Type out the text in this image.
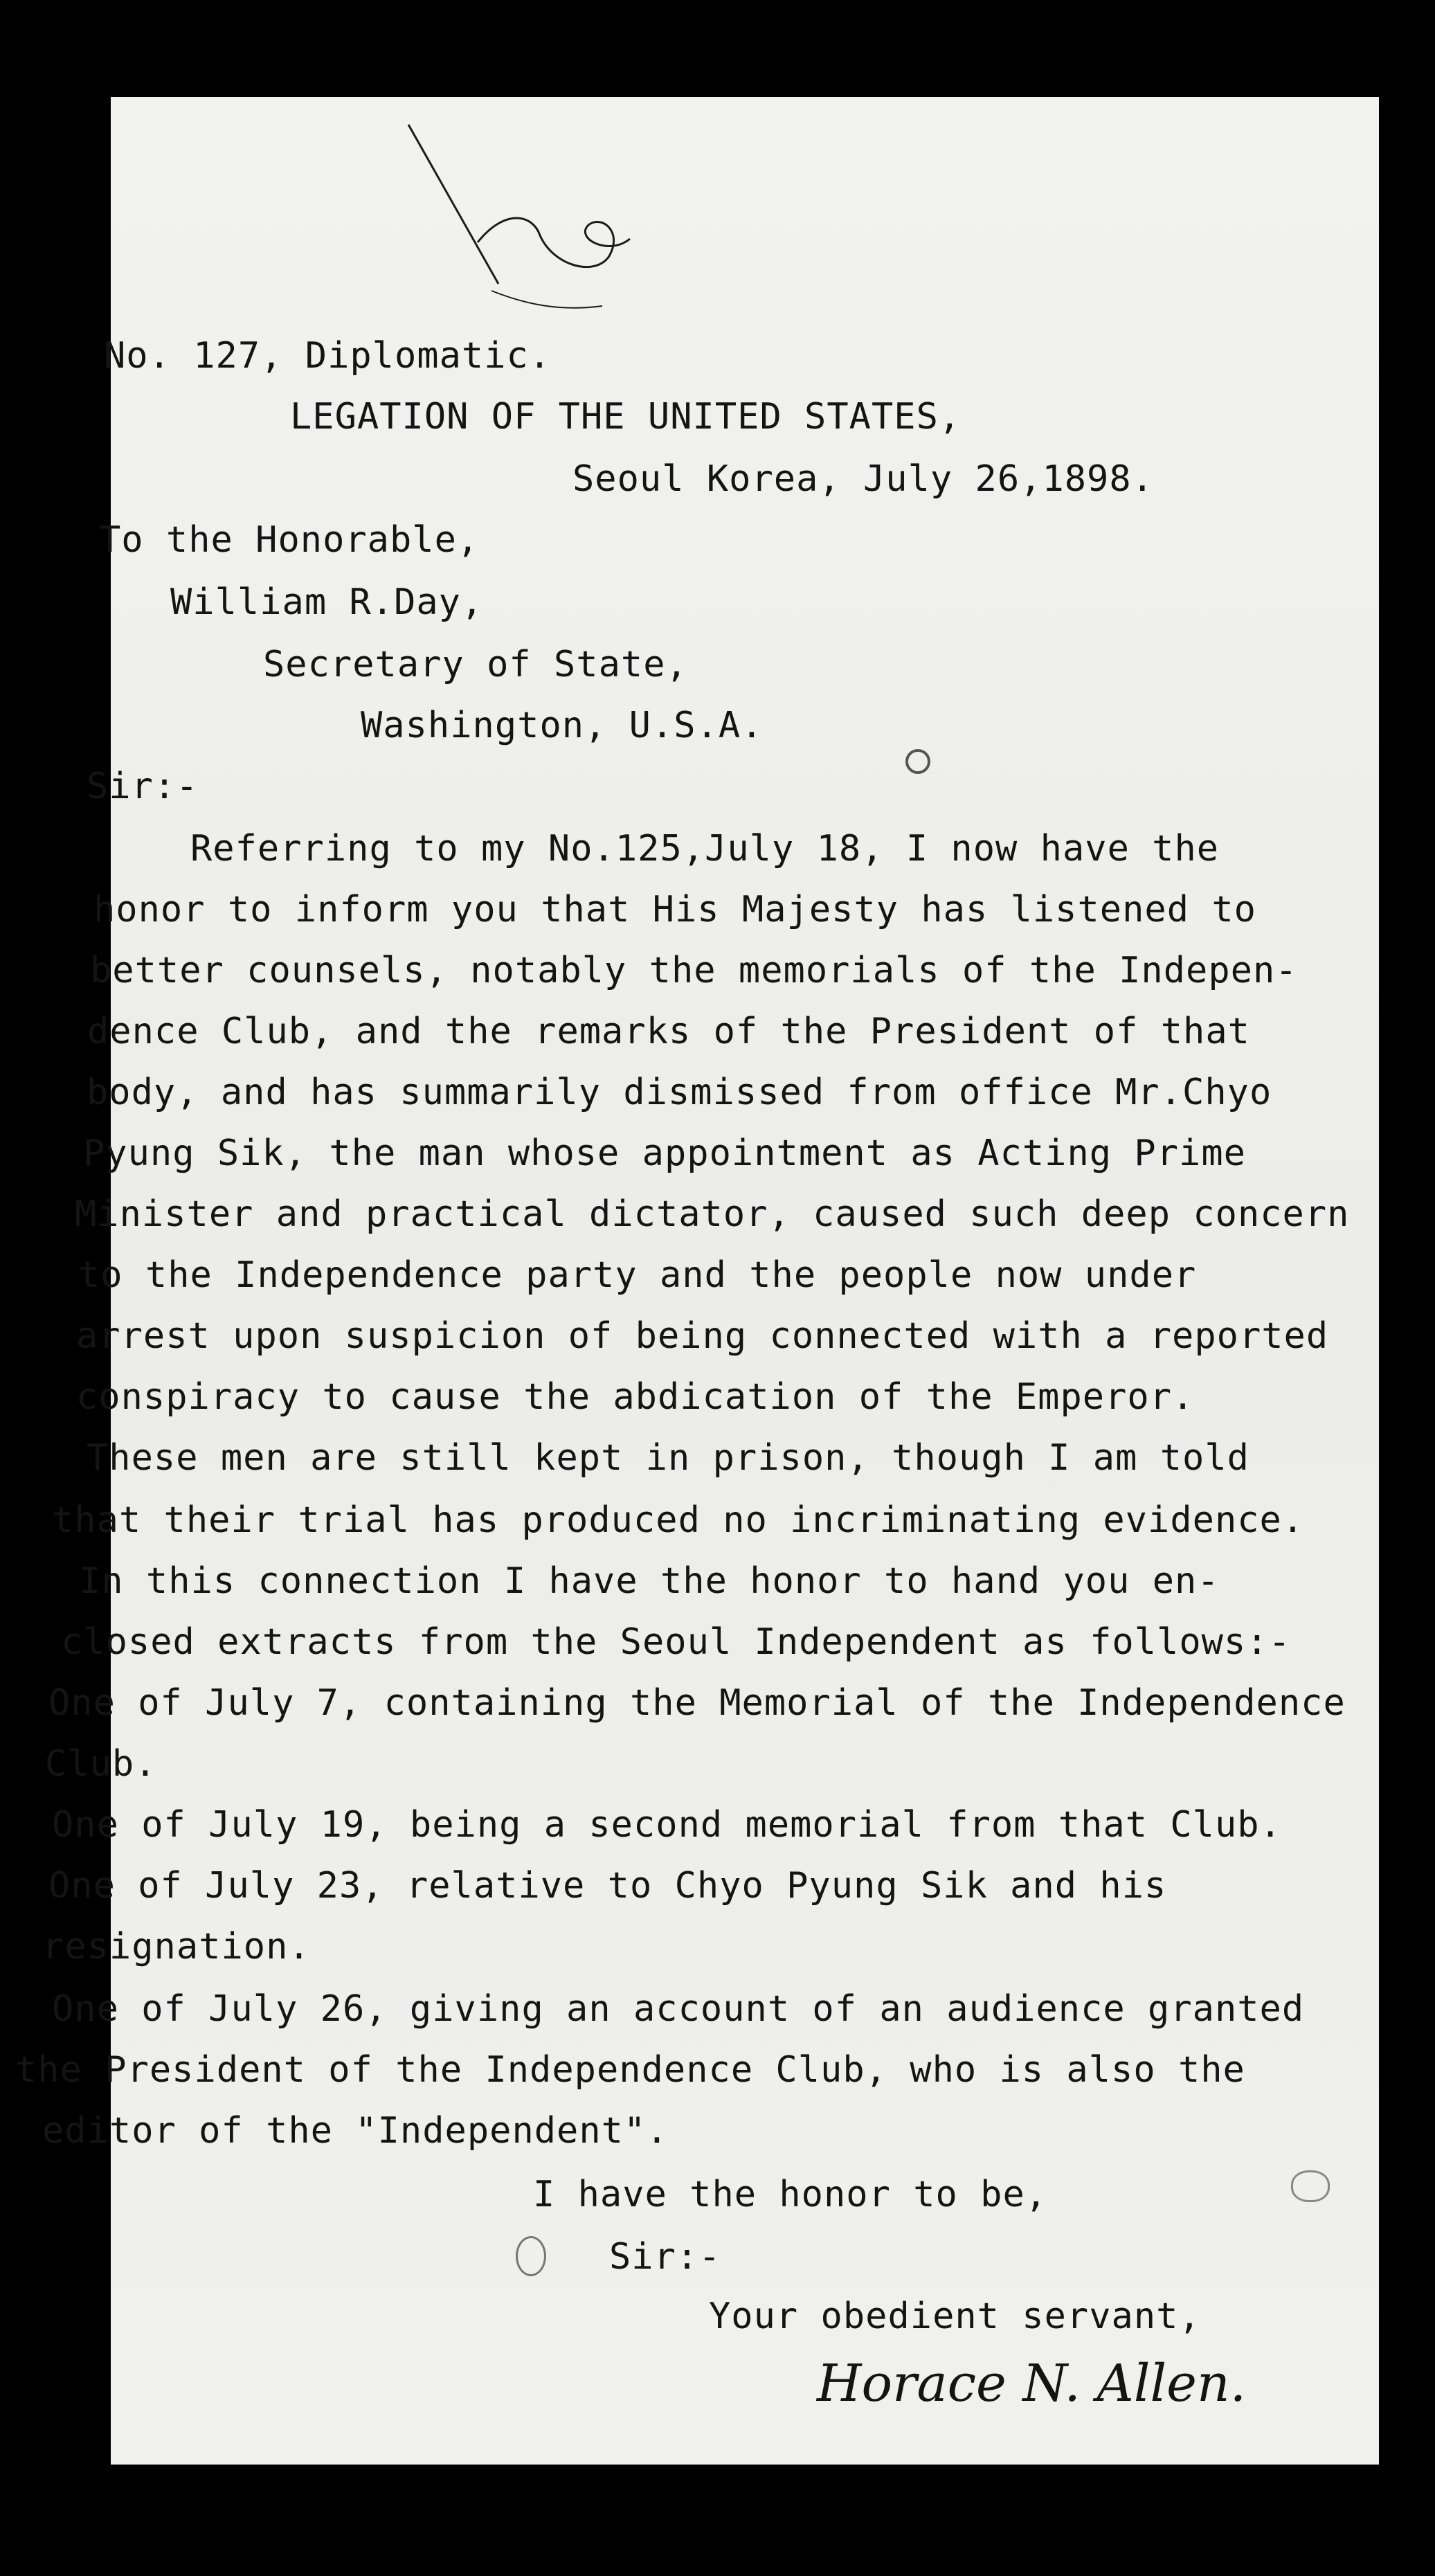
No. 127, Diplomatic.
LEGATION OF THE UNITED STATES,
Seoul Korea, July 26,1898.
To the Honorable,
William R.Day,
Secretary of State,
Washington, U.S.A.
Sir:-
Referring to my No.125,July 18, I now have the
honor to inform you that His Majesty has listened to
better counsels, notably the memorials of the Indepen-
dence Club, and the remarks of the President of that
body, and has summarily dismissed from office Mr.Chyo
Pyung Sik, the man whose appointment as Acting Prime
Minister and practical dictator, caused such deep concern
to the Independence party and the people now under
arrest upon suspicion of being connected with a reported
conspiracy to cause the abdication of the Emperor.
These men are still kept in prison, though I am told
that their trial has produced no incriminating evidence.
In this connection I have the honor to hand you en-
closed extracts from the Seoul Independent as follows:-
One of July 7, containing the Memorial of the Independence
Club.
One of July 19, being a second memorial from that Club.
One of July 23, relative to Chyo Pyung Sik and his
resignation.
One of July 26, giving an account of an audience granted
the President of the Independence Club, who is also the
editor of the "Independent".
I have the honor to be,
Sir:-
Your obedient servant,
Horace N. Allen.
